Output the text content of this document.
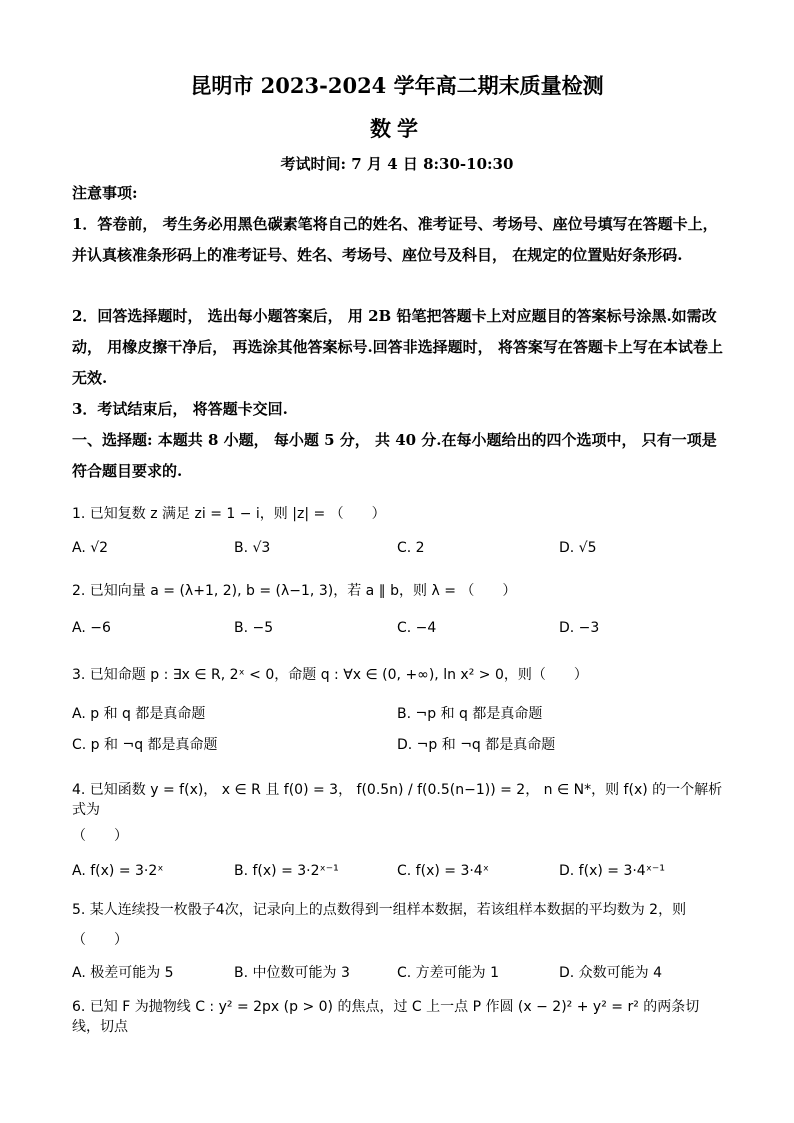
昆明市 2023-2024 学年高二期末质量检测
数学
考试时间: 7 月 4 日 8:30-10:30
注意事项:
1．答卷前， 考生务必用黑色碳素笔将自己的姓名、准考证号、考场号、座位号填写在答题卡上， 并认真核准条形码上的准考证号、姓名、考场号、座位号及科目， 在规定的位置贴好条形码.
2．回答选择题时， 选出每小题答案后， 用 2B 铅笔把答题卡上对应题目的答案标号涂黑.如需改动， 用橡皮擦干净后， 再选涂其他答案标号.回答非选择题时， 将答案写在答题卡上写在本试卷上无效.
3．考试结束后， 将答题卡交回.
一、选择题: 本题共 8 小题， 每小题 5 分， 共 40 分.在每小题给出的四个选项中， 只有一项是符合题目要求的.
1. 已知复数 z 满足 zi = 1 − i，则 |z| = （　　）
A. √2	B. √3	C. 2	D. √5
2. 已知向量 a = (λ+1, 2), b = (λ−1, 3)，若 a ∥ b，则 λ = （　　）
A. −6	B. −5	C. −4	D. −3
3. 已知命题 p : ∃x ∈ R, 2ˣ < 0，命题 q : ∀x ∈ (0, +∞), ln x² > 0，则（　　）
A. p 和 q 都是真命题	B. ¬p 和 q 都是真命题
C. p 和 ¬q 都是真命题	D. ¬p 和 ¬q 都是真命题
4. 已知函数 y = f(x)， x ∈ R 且 f(0) = 3， f(0.5n) / f(0.5(n−1)) = 2， n ∈ N*，则 f(x) 的一个解析式为
（　　）
A. f(x) = 3·2ˣ	B. f(x) = 3·2ˣ⁻¹	C. f(x) = 3·4ˣ	D. f(x) = 3·4ˣ⁻¹
5. 某人连续投一枚骰子4次，记录向上的点数得到一组样本数据，若该组样本数据的平均数为 2，则
（　　）
A. 极差可能为 5	B. 中位数可能为 3	C. 方差可能为 1	D. 众数可能为 4
6. 已知 F 为抛物线 C : y² = 2px (p > 0) 的焦点，过 C 上一点 P 作圆 (x − 2)² + y² = r² 的两条切线，切点
